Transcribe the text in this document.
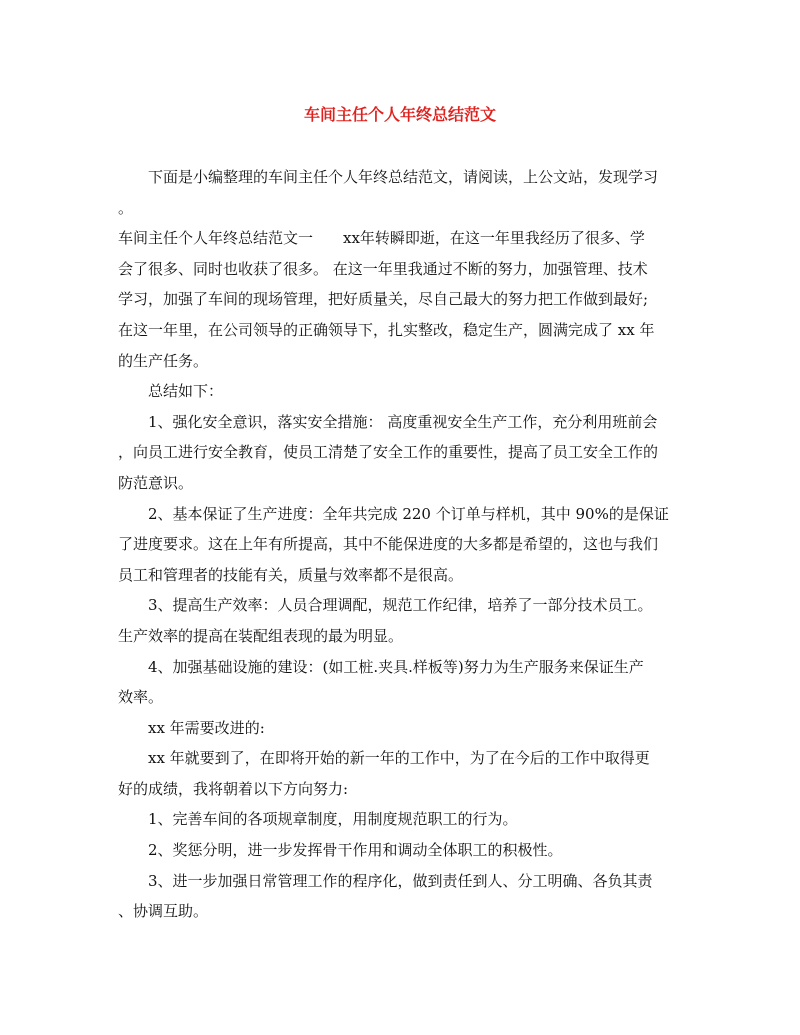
车间主任个人年终总结范文

下面是小编整理的车间主任个人年终总结范文，请阅读，上公文站，发现学习

。

车间主任个人年终总结范文一　　xx年转瞬即逝，在这一年里我经历了很多、学

会了很多、同时也收获了很多。 在这一年里我通过不断的努力，加强管理、技术

学习，加强了车间的现场管理，把好质量关，尽自己最大的努力把工作做到最好;

在这一年里，在公司领导的正确领导下，扎实整改，稳定生产，圆满完成了 xx 年

的生产任务。

总结如下：

1、强化安全意识，落实安全措施： 高度重视安全生产工作，充分利用班前会

，向员工进行安全教育，使员工清楚了安全工作的重要性，提高了员工安全工作的

防范意识。

2、基本保证了生产进度：全年共完成 220 个订单与样机，其中 90%的是保证

了进度要求。这在上年有所提高，其中不能保进度的大多都是希望的，这也与我们

员工和管理者的技能有关，质量与效率都不是很高。

3、提高生产效率：人员合理调配，规范工作纪律，培养了一部分技术员工。

生产效率的提高在装配组表现的最为明显。

4、加强基础设施的建设：(如工桩.夹具.样板等)努力为生产服务来保证生产

效率。

xx 年需要改进的:

xx 年就要到了，在即将开始的新一年的工作中，为了在今后的工作中取得更

好的成绩，我将朝着以下方向努力:

1、完善车间的各项规章制度，用制度规范职工的行为。

2、奖惩分明，进一步发挥骨干作用和调动全体职工的积极性。

3、进一步加强日常管理工作的程序化，做到责任到人、分工明确、各负其责

、协调互助。
